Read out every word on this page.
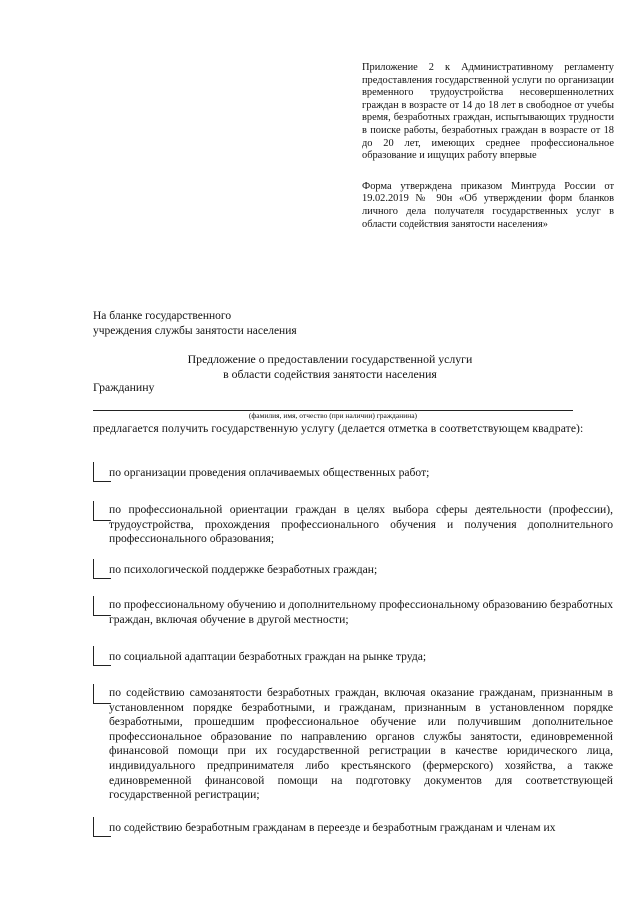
Приложение 2 к Административному регламенту предоставления государственной услуги по организации временного трудоустройства несовершеннолетних граждан в возрасте от 14 до 18 лет в свободное от учебы время, безработных граждан, испытывающих трудности в поиске работы, безработных граждан в возрасте от 18 до 20 лет, имеющих среднее профессиональное образование и ищущих работу впервые

Форма утверждена приказом Минтруда России от 19.02.2019 № 90н «Об утверждении форм бланков личного дела получателя государственных услуг в области содействия занятости населения»

На бланке государственного
учреждения службы занятости населения
Предложение о предоставлении государственной услуги
в области содействия занятости населения
Гражданину
(фамилия, имя, отчество (при наличии) гражданина)
предлагается получить государственную услугу (делается отметка в соответствующем квадрате):
по организации проведения оплачиваемых общественных работ;
по профессиональной ориентации граждан в целях выбора сферы деятельности (профессии), трудоустройства, прохождения профессионального обучения и получения дополнительного профессионального образования;
по психологической поддержке безработных граждан;
по профессиональному обучению и дополнительному профессиональному образованию безработных граждан, включая обучение в другой местности;
по социальной адаптации безработных граждан на рынке труда;
по содействию самозанятости безработных граждан, включая оказание гражданам, признанным в установленном порядке безработными, и гражданам, признанным в установленном порядке безработными, прошедшим профессиональное обучение или получившим дополнительное профессиональное образование по направлению органов службы занятости, единовременной финансовой помощи при их государственной регистрации в качестве юридического лица, индивидуального предпринимателя либо крестьянского (фермерского) хозяйства, а также единовременной финансовой помощи на подготовку документов для соответствующей государственной регистрации;
по содействию безработным гражданам в переезде и безработным гражданам и членам их
